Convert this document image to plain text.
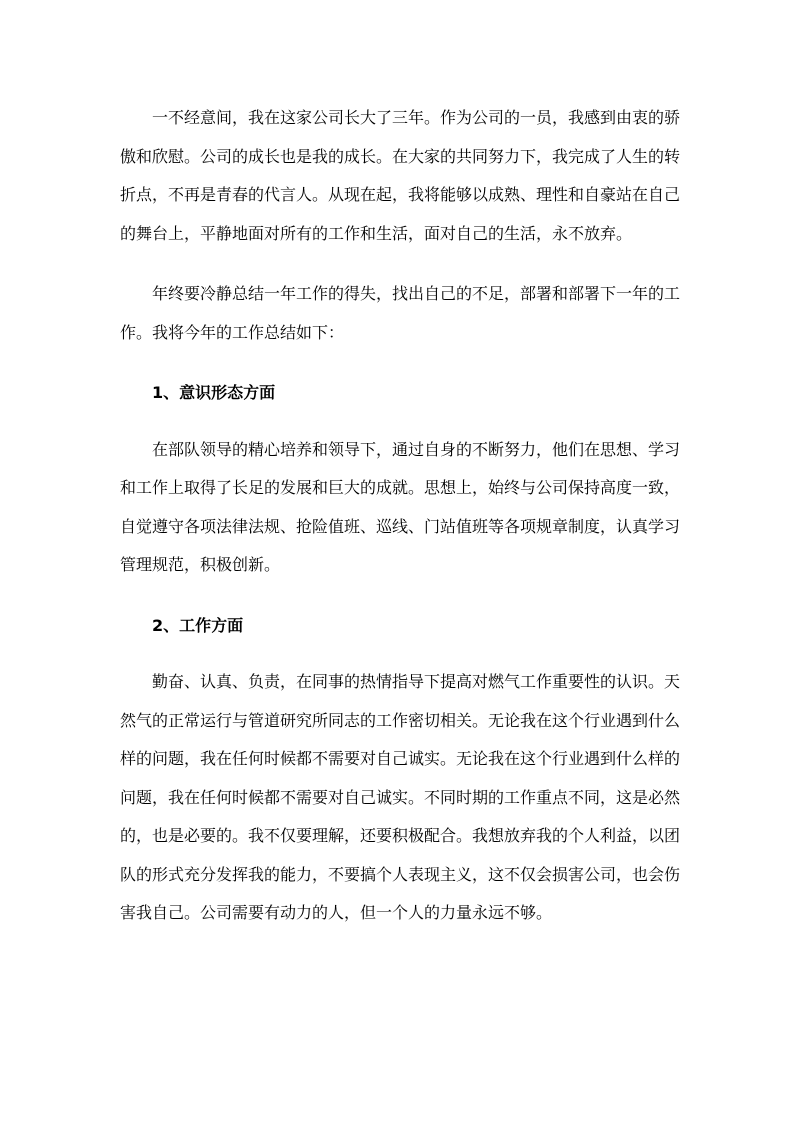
一不经意间，我在这家公司长大了三年。作为公司的一员，我感到由衷的骄傲和欣慰。公司的成长也是我的成长。在大家的共同努力下，我完成了人生的转折点，不再是青春的代言人。从现在起，我将能够以成熟、理性和自豪站在自己的舞台上，平静地面对所有的工作和生活，面对自己的生活，永不放弃。

年终要冷静总结一年工作的得失，找出自己的不足，部署和部署下一年的工作。我将今年的工作总结如下：

1、意识形态方面

在部队领导的精心培养和领导下，通过自身的不断努力，他们在思想、学习和工作上取得了长足的发展和巨大的成就。思想上，始终与公司保持高度一致，自觉遵守各项法律法规、抢险值班、巡线、门站值班等各项规章制度，认真学习管理规范，积极创新。

2、工作方面

勤奋、认真、负责，在同事的热情指导下提高对燃气工作重要性的认识。天然气的正常运行与管道研究所同志的工作密切相关。无论我在这个行业遇到什么样的问题，我在任何时候都不需要对自己诚实。无论我在这个行业遇到什么样的问题，我在任何时候都不需要对自己诚实。不同时期的工作重点不同，这是必然的，也是必要的。我不仅要理解，还要积极配合。我想放弃我的个人利益，以团队的形式充分发挥我的能力，不要搞个人表现主义，这不仅会损害公司，也会伤害我自己。公司需要有动力的人，但一个人的力量永远不够。
